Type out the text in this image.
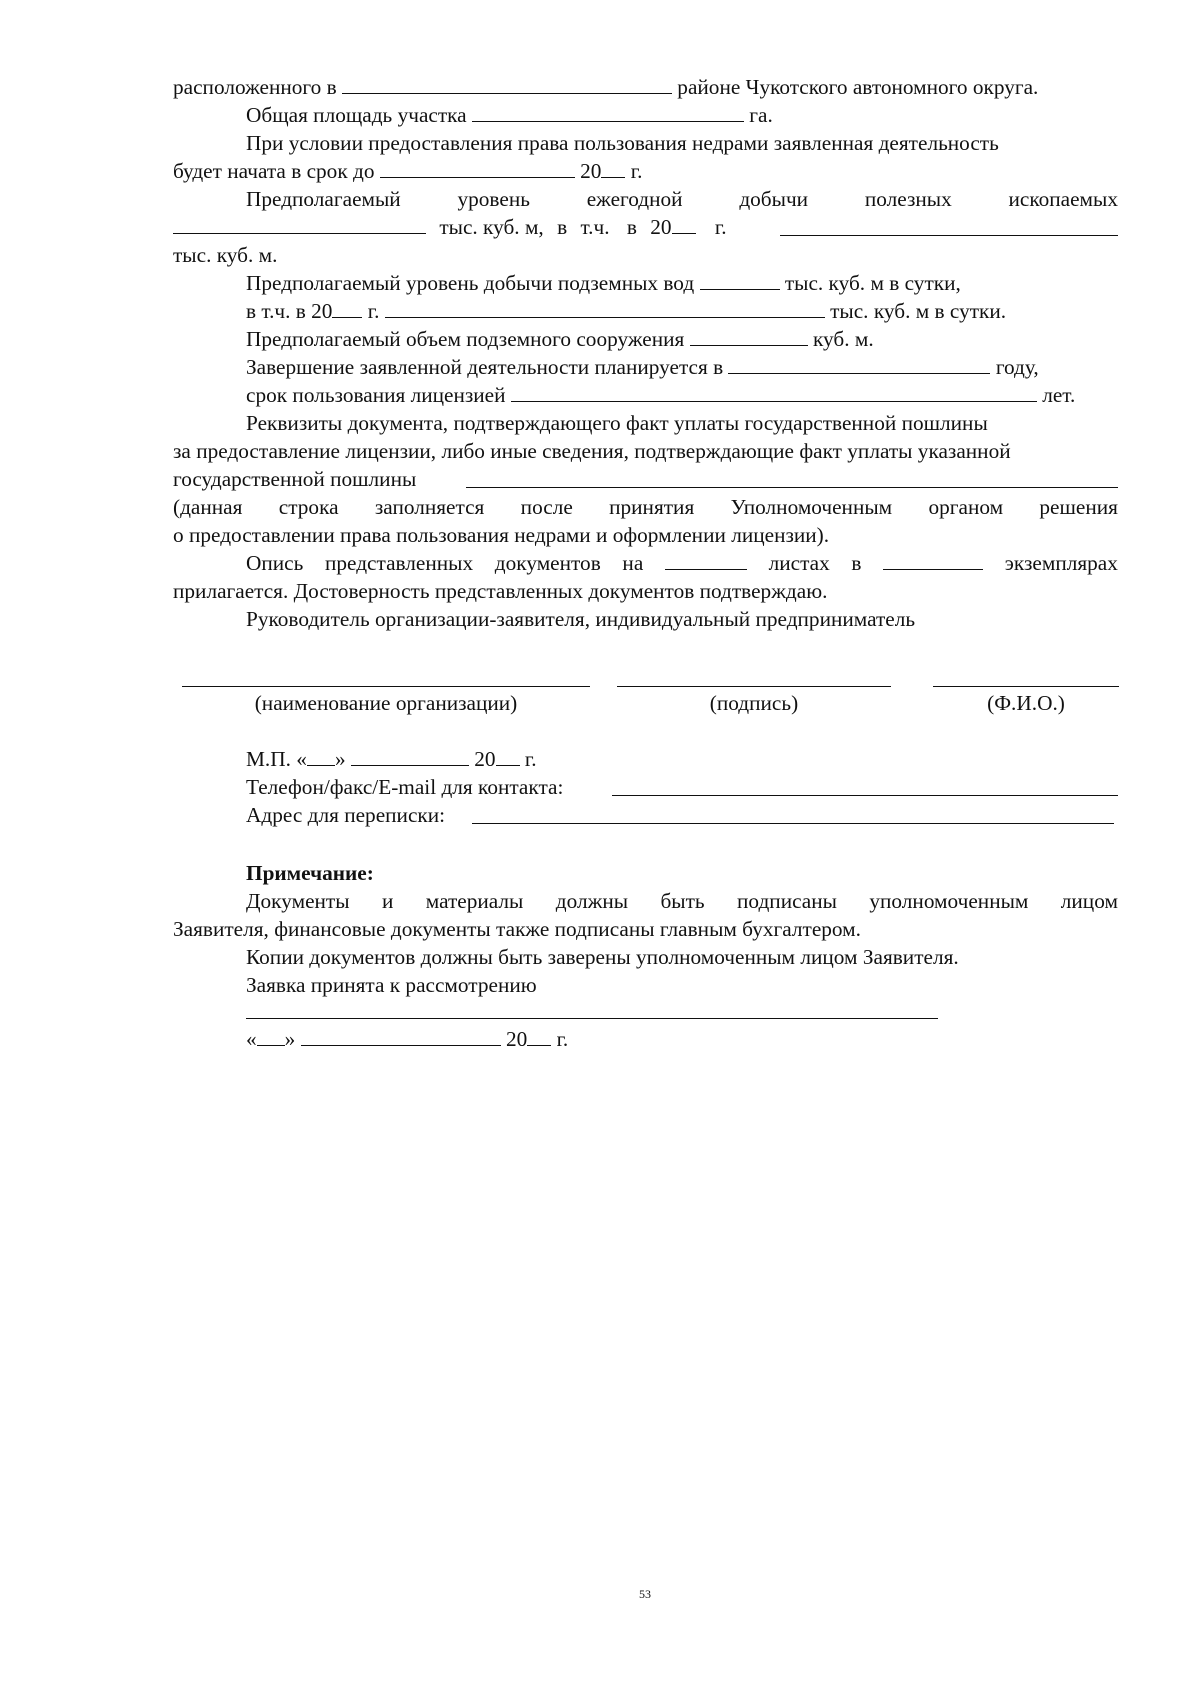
расположенного в	районе Чукотского автономного округа.
Общая площадь участка	га.
При условии предоставления права пользования недрами заявленная деятельность
будет начата в срок до	20 г.
Предполагаемый	уровень	ежегодной	добычи	полезных	ископаемых
тыс. куб. м, в т.ч. в 20 г.
тыс. куб. м.
Предполагаемый уровень добычи подземных вод	тыс. куб. м в сутки,
в т.ч. в 20 г.	тыс. куб. м в сутки.
Предполагаемый объем подземного сооружения	куб. м.
Завершение заявленной деятельности планируется в	году,
срок пользования лицензией	лет.
Реквизиты документа, подтверждающего факт уплаты государственной пошлины
за предоставление лицензии, либо иные сведения, подтверждающие факт уплаты указанной
государственной пошлины
(данная строка заполняется после принятия Уполномоченным органом решения
о предоставлении права пользования недрами и оформлении лицензии).
Опись представленных документов на	листах в	экземплярах
прилагается. Достоверность представленных документов подтверждаю.
Руководитель организации-заявителя, индивидуальный предприниматель
(наименование организации)	(подпись)	(Ф.И.О.)
М.П. « »	20 г.
Телефон/факс/E-mail для контакта:
Адрес для переписки:
Примечание:
Документы и материалы должны быть подписаны уполномоченным лицом
Заявителя, финансовые документы также подписаны главным бухгалтером.
Копии документов должны быть заверены уполномоченным лицом Заявителя.
Заявка принята к рассмотрению
« »	20 г.
53
